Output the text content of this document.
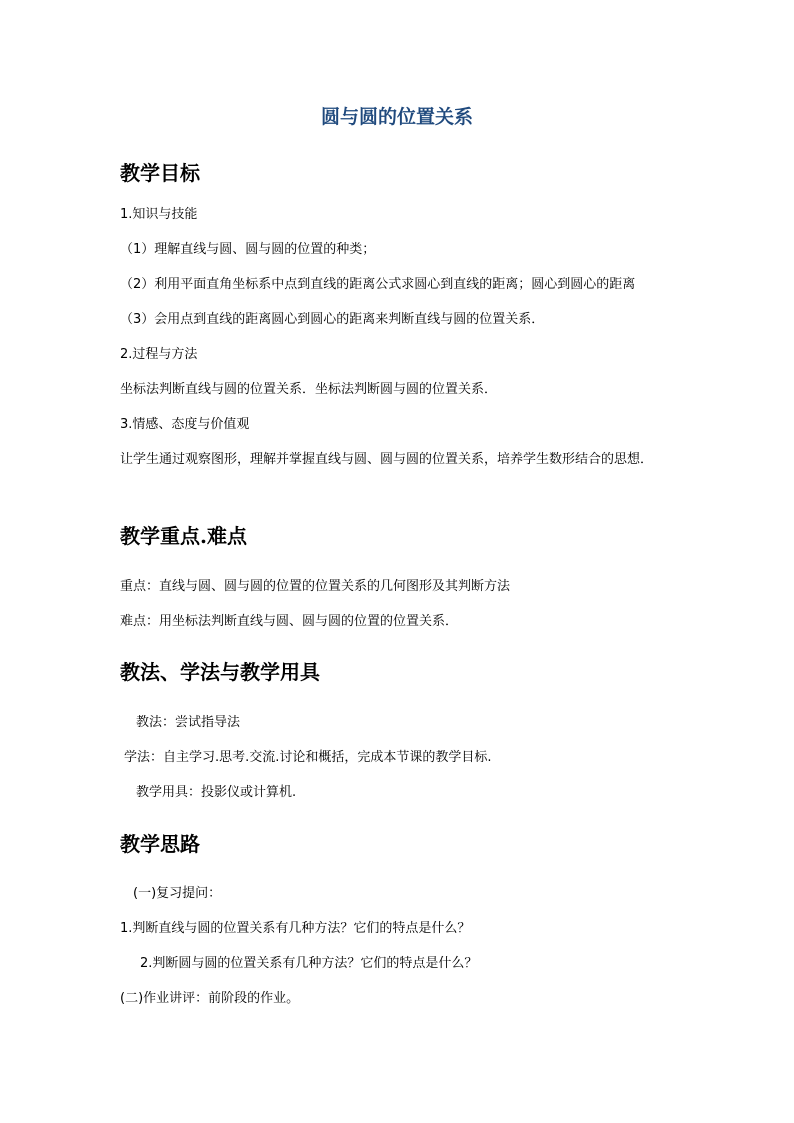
圆与圆的位置关系
教学目标
1.知识与技能
（1）理解直线与圆、圆与圆的位置的种类；
（2）利用平面直角坐标系中点到直线的距离公式求圆心到直线的距离；圆心到圆心的距离
（3）会用点到直线的距离圆心到圆心的距离来判断直线与圆的位置关系．
2.过程与方法
坐标法判断直线与圆的位置关系．坐标法判断圆与圆的位置关系．
3.情感、态度与价值观
让学生通过观察图形，理解并掌握直线与圆、圆与圆的位置关系，培养学生数形结合的思想．
教学重点.难点
重点：直线与圆、圆与圆的位置的位置关系的几何图形及其判断方法
难点：用坐标法判断直线与圆、圆与圆的位置的位置关系．
教法、学法与教学用具
教法：尝试指导法
学法：自主学习.思考.交流.讨论和概括，完成本节课的教学目标.
教学用具：投影仪或计算机.
教学思路
(一)复习提问：
1.判断直线与圆的位置关系有几种方法？它们的特点是什么？
2.判断圆与圆的位置关系有几种方法？它们的特点是什么？
(二)作业讲评：前阶段的作业。
